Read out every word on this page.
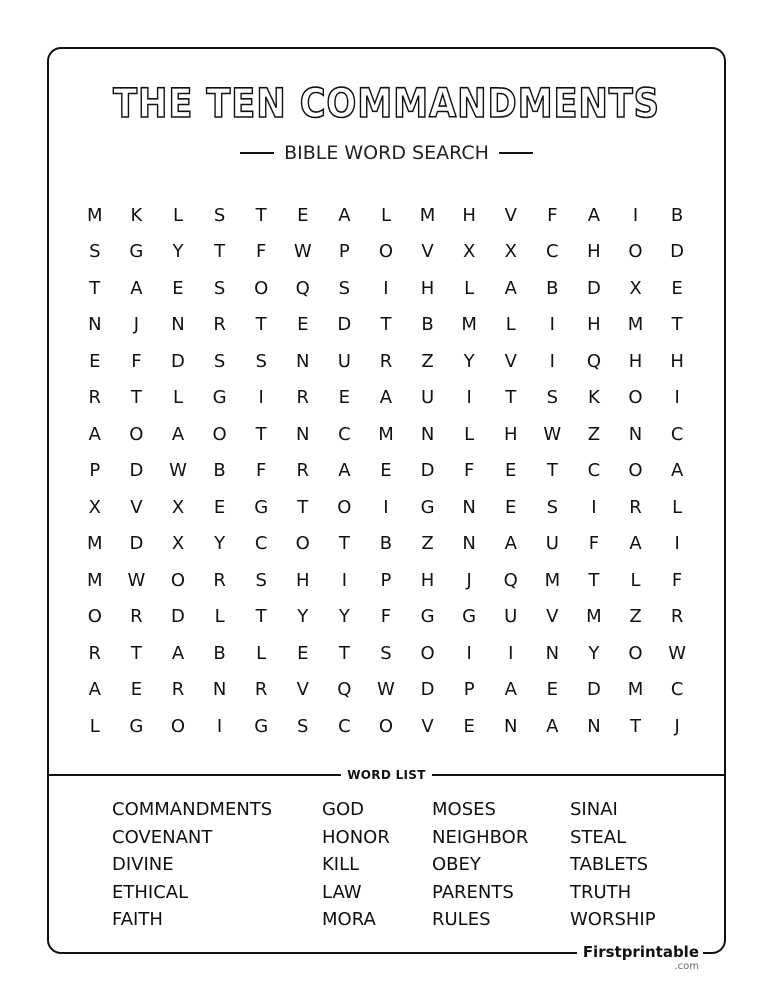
THE TEN COMMANDMENTS
BIBLE WORD SEARCH
M	K	L	S	T	E	A	L	M	H	V	F	A	I	B
S	G	Y	T	F	W	P	O	V	X	X	C	H	O	D
T	A	E	S	O	Q	S	I	H	L	A	B	D	X	E
N	J	N	R	T	E	D	T	B	M	L	I	H	M	T
E	F	D	S	S	N	U	R	Z	Y	V	I	Q	H	H
R	T	L	G	I	R	E	A	U	I	T	S	K	O	I
A	O	A	O	T	N	C	M	N	L	H	W	Z	N	C
P	D	W	B	F	R	A	E	D	F	E	T	C	O	A
X	V	X	E	G	T	O	I	G	N	E	S	I	R	L
M	D	X	Y	C	O	T	B	Z	N	A	U	F	A	I
M	W	O	R	S	H	I	P	H	J	Q	M	T	L	F
O	R	D	L	T	Y	Y	F	G	G	U	V	M	Z	R
R	T	A	B	L	E	T	S	O	I	I	N	Y	O	W
A	E	R	N	R	V	Q	W	D	P	A	E	D	M	C
L	G	O	I	G	S	C	O	V	E	N	A	N	T	J
WORD LIST
COMMANDMENTS
COVENANT
DIVINE
ETHICAL
FAITH
GOD
HONOR
KILL
LAW
MORA
MOSES
NEIGHBOR
OBEY
PARENTS
RULES
SINAI
STEAL
TABLETS
TRUTH
WORSHIP
Firstprintable
.com
